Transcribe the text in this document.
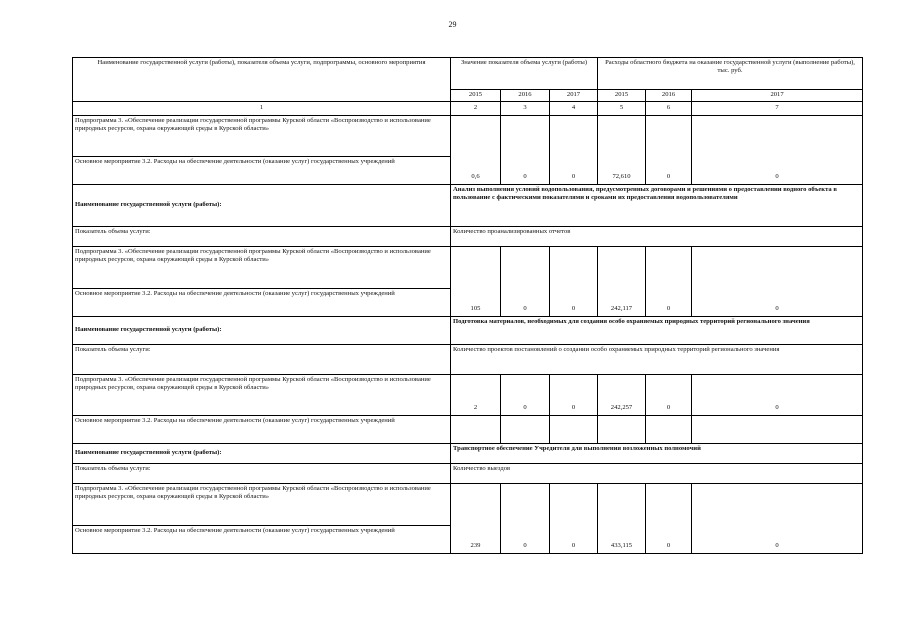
29
Наименование государственной услуги (работы), показателя объема услуги, подпрограммы, основного мероприятия	Значение показателя объема услуги (работы)			Расходы областного бюджета на оказание государственной услуги (выполнение работы), тыс. руб.		
	2015	2016	2017	2015	2016	2017
1	2	3	4	5	6	7
Подпрограмма 3. «Обеспечение реализации государственной программы Курской области «Воспроизводство и использование природных ресурсов, охрана окружающей среды в Курской области»	0,6	0	0	72,610	0	0
Основное мероприятие 3.2. Расходы на обеспечение деятельности (оказание услуг) государственных учреждений						
Наименование государственной услуги (работы):	Анализ выполнения условий водопользования, предусмотренных договорами и решениями о предоставлении водного объекта в пользование с фактическими показателями и сроками их предоставления водопользователями					
Показатель объема услуги:	Количество проанализированных отчетов					
Подпрограмма 3. «Обеспечение реализации государственной программы Курской области «Воспроизводство и использование природных ресурсов, охрана окружающей среды в Курской области»	105	0	0	242,117	0	0
Основное мероприятие 3.2. Расходы на обеспечение деятельности (оказание услуг) государственных учреждений						
Наименование государственной услуги (работы):	Подготовка материалов, необходимых для создания особо охраняемых природных территорий регионального значения					
Показатель объема услуги:	Количество проектов постановлений о создании особо охраняемых природных территорий регионального значения					
Подпрограмма 3. «Обеспечение реализации государственной программы Курской области «Воспроизводство и использование природных ресурсов, охрана окружающей среды в Курской области»	2	0	0	242,257	0	0
Основное мероприятие 3.2. Расходы на обеспечение деятельности (оказание услуг) государственных учреждений						
Наименование государственной услуги (работы):	Транспортное обеспечение Учредителя для выполнения возложенных полномочий					
Показатель объема услуги:	Количество выездов					
Подпрограмма 3. «Обеспечение реализации государственной программы Курской области «Воспроизводство и использование природных ресурсов, охрана окружающей среды в Курской области»	239	0	0	433,115	0	0
Основное мероприятие 3.2. Расходы на обеспечение деятельности (оказание услуг) государственных учреждений						
